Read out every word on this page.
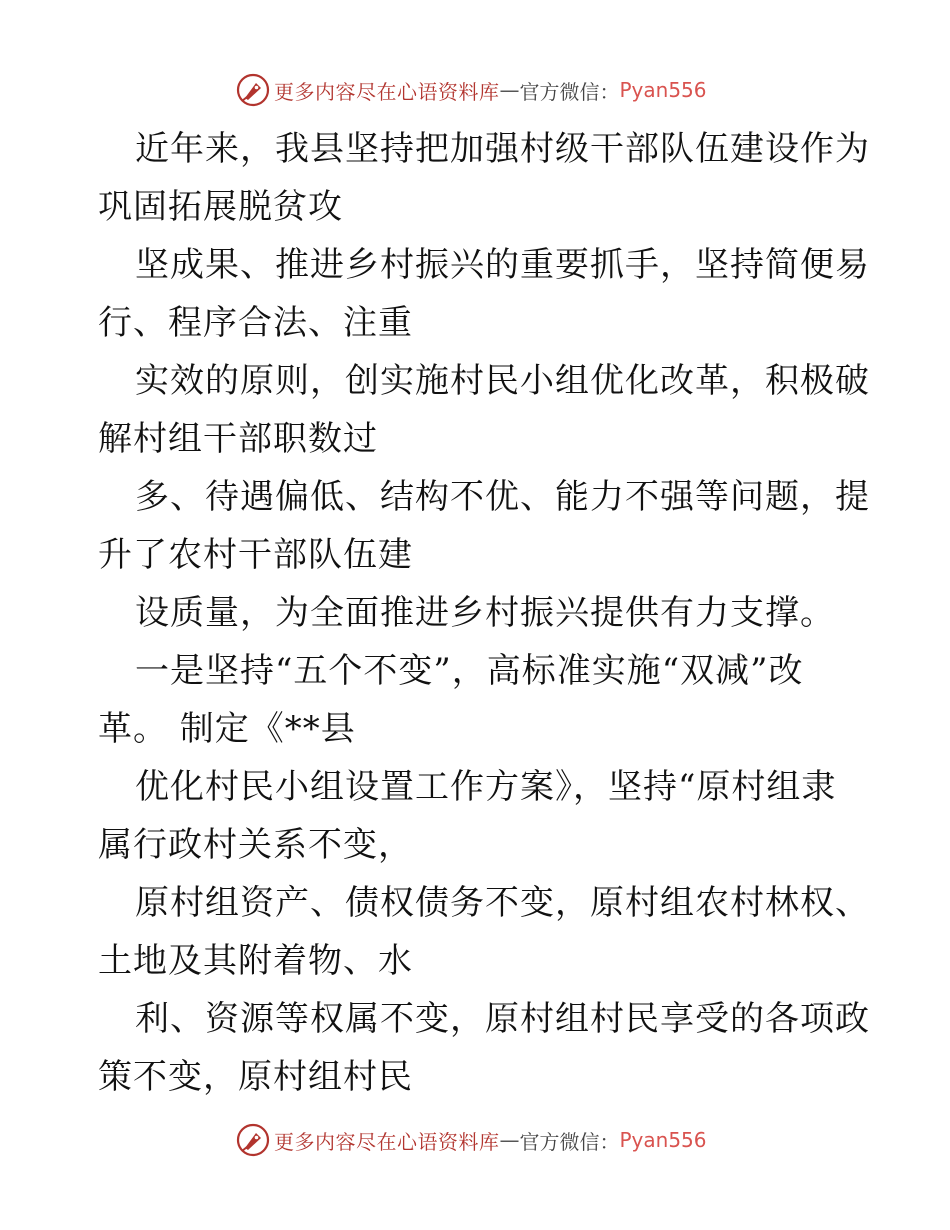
更多内容尽在心语资料库 — 官方微信： Pyan556
近年来，我县坚持把加强村级干部队伍建设作为
巩固拓展脱贫攻
坚成果、推进乡村振兴的重要抓手，坚持简便易
行、程序合法、注重
实效的原则，创实施村民小组优化改革，积极破
解村组干部职数过
多、待遇偏低、结构不优、能力不强等问题，提
升了农村干部队伍建
设质量，为全面推进乡村振兴提供有力支撑。
一是坚持“五个不变”，高标准实施“双减”改
革。 制定《**县
优化村民小组设置工作方案》，坚持“原村组隶
属行政村关系不变，
原村组资产、债权债务不变，原村组农村林权、
土地及其附着物、水
利、资源等权属不变，原村组村民享受的各项政
策不变，原村组村民
更多内容尽在心语资料库 — 官方微信： Pyan556
